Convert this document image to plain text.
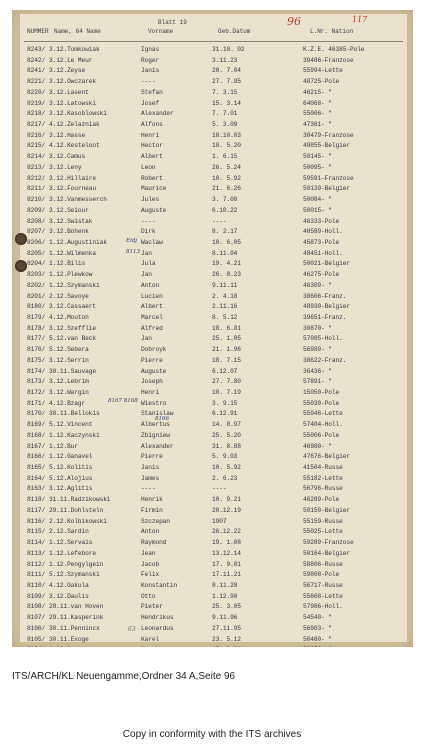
NUMMER Name, 64 Name
Blatt 19
Vorname	Geb.Datum	L.Nr. Nation
96	117
8243/ 3.12.Tomkowiak	Ignas	31.10. 02	K.Z.E. 46385-Pole
8242/ 3.12.Le Meur	Roger	3.11.23	39486-Franzose
8241/ 3.12.Zeyse	Janis	20. 7.04	55994-Lette
8221/ 3.12.Owczarek	----	27. 7.95	48725-Pole
8220/ 3.12.Lasent	Stefan	7. 3.15	46215- "
8219/ 3.12.Latowski	Josef	15. 3.14	64068- "
8218/ 3.12.Kasoblowski	Alexander	7. 7.01	55006- "
8217/ 4.12.Zelazniak	Alfons	5. 3.09	47361- "
8216/ 3.12.Hasse	Henri	18.10.03	38479-Franzose
8215/ 4.12.Kesteloot	Hector	10. 5.20	49855-Belgier
8214/ 3.12.Camus	Albert	1. 6.15	50145- "
8213/ 3.12.Leny	Leon	26. 5.24	50095- "
8212/ 3.12.Hillaire	Robert	10. 5.92	59591-Franzose
8211/ 3.12.Fourneau	Maurice	21. 6.26	50139-Belgier
8210/ 3.12.Vanmesserch	Jules	3. 7.08	50084- "
8209/ 3.12.Seiour	Auguste	6.10.22	50015- "
8208/ 3.12.Swistak	----	----	46333-Pole
8207/ 3.12.Bohenk	Dirk	8. 2.17	48589-Holl.
8206/ 1.12.Augustiniak	Waclaw	10. 6.05	45873-Pole
8205/ 1.12.Wilmenka	Jan	8.11.04	48451-Holl.
8204/ 1.12.Bilis	Jula	19. 4.21	50021-Belgier
8203/ 1.12.Plewkow	Jan	26. 8.23	46275-Pole
8202/ 1.12.Szymanski	Anton	9.11.11	46309- "
8201/ 2.12.Savoye	Lucien	2. 4.18	38606-Franz.
8180/ 3.12.Cassaert	Albert	2.11.16	48930-Belgier
8179/ 4.12.Mouton	Marcel	8. 5.12	39651-Franz.
8178/ 3.12.Szefflie	Alfred	18. 6.01	30870- "
8177/ 5.12.van Beck	Jan	25. 1.05	57085-Holl.
8176/ 5.12.Sebera	Dobroyk	21. 1.96	56989- "
8175/ 3.12.Serrin	Pierre	18. 7.15	38622-Franz.
8174/ 30.11.Sauvage	Auguste	6.12.07	36436- "
8173/ 3.12.Lebrim	Joseph	27. 7.80	57891- "
8172/ 3.12.Wargin	Henri	10. 7.19	15050-Pole
8171/ 4.12.Bzagr	Wiestro	3. 9.15	55030-Pole
8170/ 30.11.Bellokis	Stanislaw	6.12.91	55946-Lette
8169/ 5.12.Vincent	Albertus	14. 8.97	57404-Holl.
8168/ 1.12.Kaczynski	Zbigniew	25. 5.20	55006-Pole
8167/ 1.12.Bur	Alexander	31. 8.88	46980- "
8166/ 1.12.Ganavel	Pierre	5. 9.03	47676-Belgier
8165/ 5.12.Kolitis	Janis	10. 5.92	41504-Russe
8164/ 5.12.Alojius	James	2. 6.23	55182-Lette
8163/ 3.12.Aglitis	----	----	56796-Russe
8118/ 31.11.Radzikowski	Henrik	10. 9.21	46289-Pole
8117/ 29.11.Dohlsteln	Firmin	20.12.19	50150-Belgier
8116/ 2.12.Kolbikowski	Szczepan	1907	55159-Russe
8115/ 2.12.Sardin	Anton	26.12.22	55025-Lette
8114/ 1.12.Servais	Raymond	19. 1.08	59289-Franzose
8113/ 1.12.Lefebore	Jean	13.12.14	50164-Belgier
8112/ 1.12.Pengylgein	Jacob	17. 9.01	58806-Russe
8111/ 5.12.Szymanski	Felix	17.11.21	59808-Pole
8110/ 4.12.Gakula	Konstantin	8.11.28	56717-Russe
8109/ 3.12.Daulis	Otto	1.12.90	55668-Lette
8108/ 28.11.van Hoven	Pieter	25. 3.05	57986-Holl.
8107/ 29.11.Kasperink	Hendrikus	9.11.96	54540- "
8106/ 30.11.Pennincx	Leonardus	27.11.95	56903- "
8105/ 30.11.Exoge	Karel	23. 5.12	58480- "
Eidj
8113
8167 8168
8166
63
ITS/ARCH/KL Neuengamme,Ordner 34 A,Seite 96
Copy in conformity with the ITS archives
